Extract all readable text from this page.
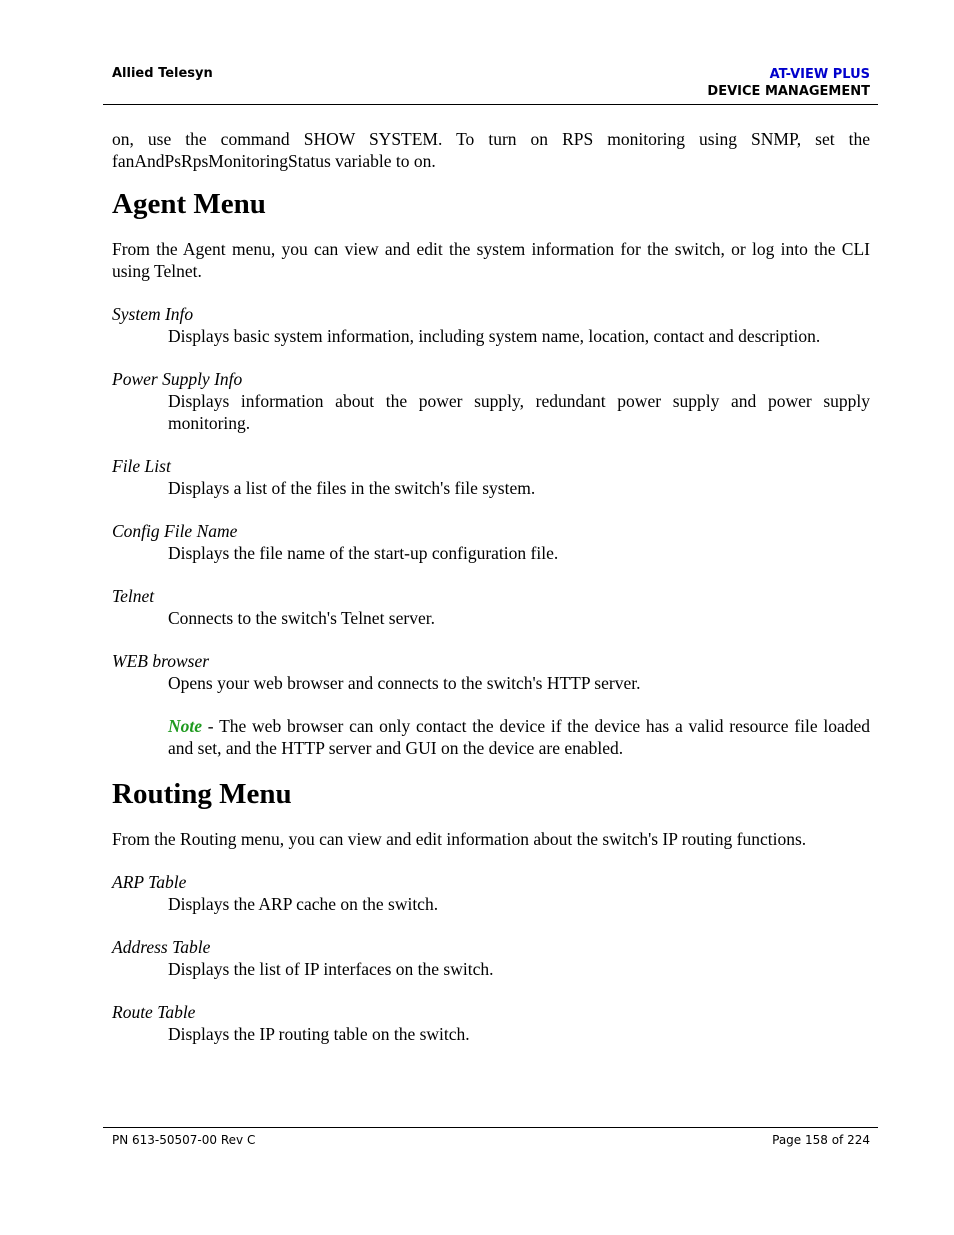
Allied Telesyn	AT-VIEW PLUS
DEVICE MANAGEMENT

on, use the command SHOW SYSTEM. To turn on RPS monitoring using SNMP, set the fanAndPsRpsMonitoringStatus variable to on.

Agent Menu

From the Agent menu, you can view and edit the system information for the switch, or log into the CLI using Telnet.

System Info

Displays basic system information, including system name, location, contact and description.

Power Supply Info

Displays information about the power supply, redundant power supply and power supply monitoring.

File List

Displays a list of the files in the switch's file system.

Config File Name

Displays the file name of the start-up configuration file.

Telnet

Connects to the switch's Telnet server.

WEB browser

Opens your web browser and connects to the switch's HTTP server.

Note - The web browser can only contact the device if the device has a valid resource file loaded and set, and the HTTP server and GUI on the device are enabled.

Routing Menu

From the Routing menu, you can view and edit information about the switch's IP routing functions.

ARP Table

Displays the ARP cache on the switch.

Address Table

Displays the list of IP interfaces on the switch.

Route Table

Displays the IP routing table on the switch.

PN 613-50507-00 Rev C	Page 158 of 224
